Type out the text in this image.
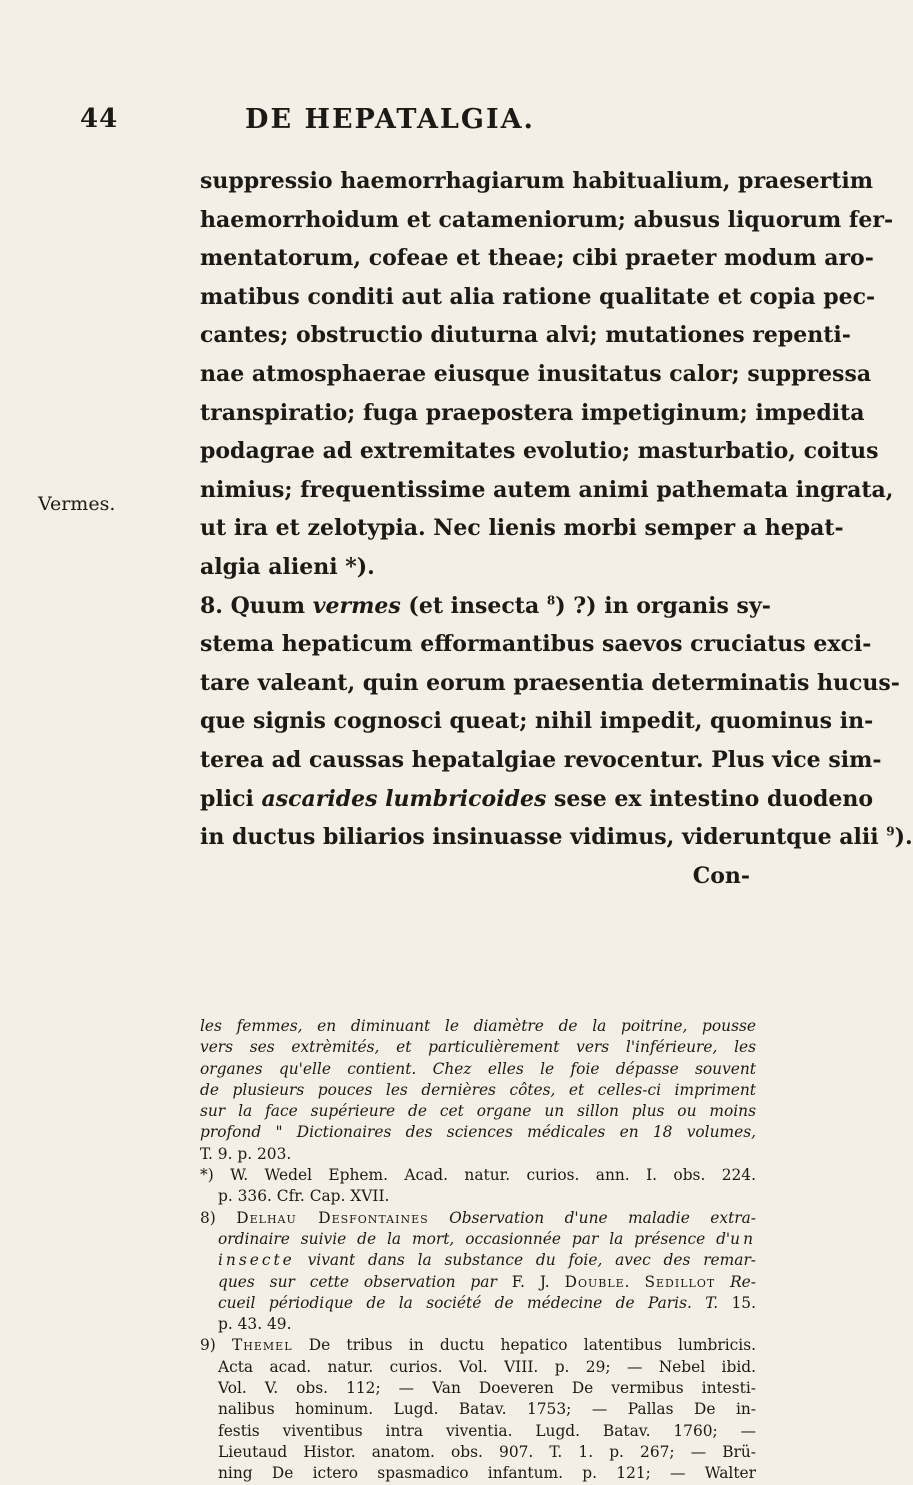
44	DE HEPATALGIA.
Vermes.
suppressio haemorrhagiarum habitualium, praesertim
haemorrhoidum et catameniorum; abusus liquorum fer-
mentatorum, cofeae et theae; cibi praeter modum aro-
matibus conditi aut alia ratione qualitate et copia pec-
cantes; obstructio diuturna alvi; mutationes repenti-
nae atmosphaerae eiusque inusitatus calor; suppressa
transpiratio; fuga praepostera impetiginum; impedita
podagrae ad extremitates evolutio; masturbatio, coitus
nimius; frequentissime autem animi pathemata ingrata,
ut ira et zelotypia. Nec lienis morbi semper a hepat-
algia alieni *).
8. Quum vermes (et insecta $^8$) ?) in organis sy-
stema hepaticum efformantibus saevos cruciatus exci-
tare valeant, quin eorum praesentia determinatis hucus-
que signis cognosci queat; nihil impedit, quominus in-
terea ad caussas hepatalgiae revocentur. Plus vice sim-
plici ascarides lumbricoides sese ex intestino duodeno
in ductus biliarios insinuasse vidimus, videruntque alii $^9$).
Con-
les femmes, en diminuant le diamètre de la poitrine, pousse
vers ses extrèmités, et particulièrement vers l'inférieure, les
organes qu'elle contient. Chez elles le foie dépasse souvent
de plusieurs pouces les dernières côtes, et celles-ci impriment
sur la face supérieure de cet organe un sillon plus ou moins
profond " Dictionaires des sciences médicales en 18 volumes,
T. 9. p. 203.
*) W. Wedel Ephem. Acad. natur. curios. ann. I. obs. 224.
p. 336. Cfr. Cap. XVII.
8) Delhau Desfontaines Observation d'une maladie extra-
ordinaire suivie de la mort, occasionnée par la présence d'un
insecte vivant dans la substance du foie, avec des remar-
ques sur cette observation par F. J. Double. Sedillot Re-
cueil périodique de la société de médecine de Paris. T. 15.
p. 43. 49.
9) Themel De tribus in ductu hepatico latentibus lumbricis.
Acta acad. natur. curios. Vol. VIII. p. 29; — Nebel ibid.
Vol. V. obs. 112; — Van Doeveren De vermibus intesti-
nalibus hominum. Lugd. Batav. 1753; — Pallas De in-
festis viventibus intra viventia. Lugd. Batav. 1760; —
Lieutaud Histor. anatom. obs. 907. T. 1. p. 267; — Brü-
ning De ictero spasmadico infantum. p. 121; — Walter
